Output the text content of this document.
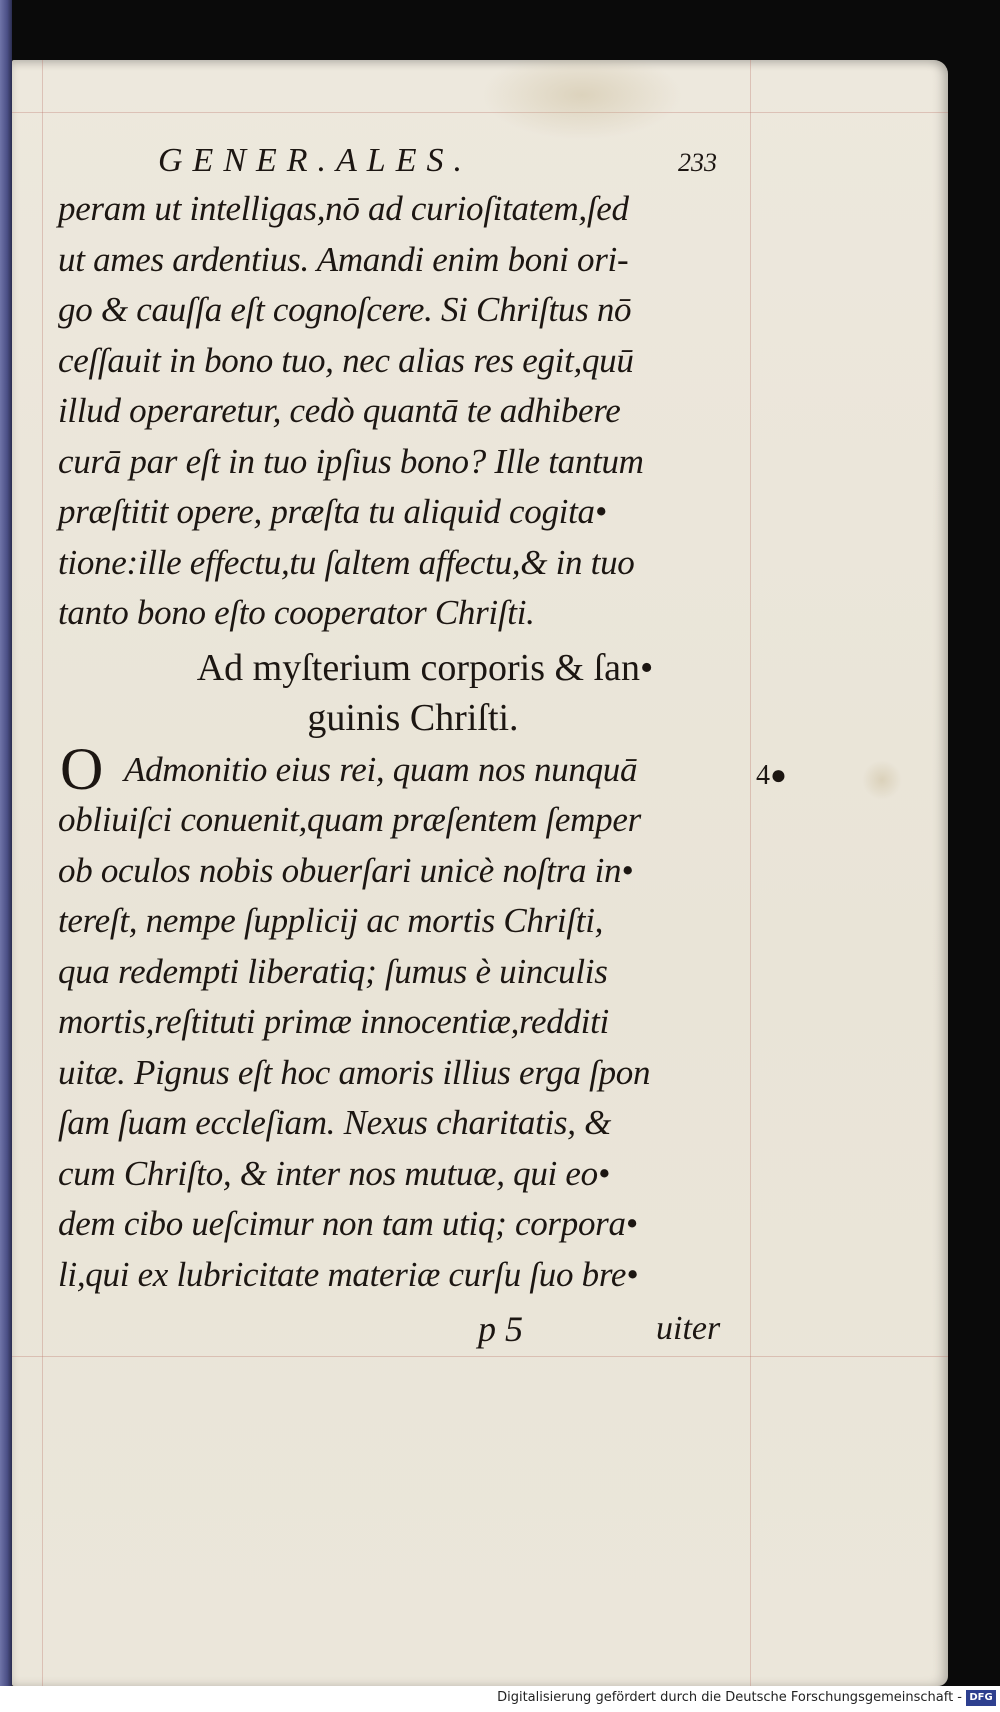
GENER.ALES.	233
peram ut intelligas,nō ad curioſitatem,ſed
ut ames ardentius. Amandi enim boni ori-
go & cauſſa eſt cognoſcere. Si Chriſtus nō
ceſſauit in bono tuo, nec alias res egit,quū
illud operaretur, cedò quantā te adhibere
curā par eſt in tuo ipſius bono? Ille tantum
præſtitit opere, præſta tu aliquid cogita•
tione:ille effectu,tu ſaltem affectu,& in tuo
tanto bono eſto cooperator Chriſti.
Ad myſterium corporis & ſan•
guinis Chriſti.
O Admonitio eius rei, quam nos nunquā
obliuiſci conuenit,quam præſentem ſemper
ob oculos nobis obuerſari unicè noſtra in•
tereſt, nempe ſupplicij ac mortis Chriſti,
qua redempti liberatiq; ſumus è uinculis
mortis,reſtituti primæ innocentiæ,redditi
uitæ. Pignus eſt hoc amoris illius erga ſpon
ſam ſuam eccleſiam. Nexus charitatis, &
cum Chriſto, & inter nos mutuæ, qui eo•
dem cibo ueſcimur non tam utiq; corpora•
li,qui ex lubricitate materiæ curſu ſuo bre•
p 5	uiter
4●
Digitalisierung gefördert durch die Deutsche Forschungsgemeinschaft - DFG
